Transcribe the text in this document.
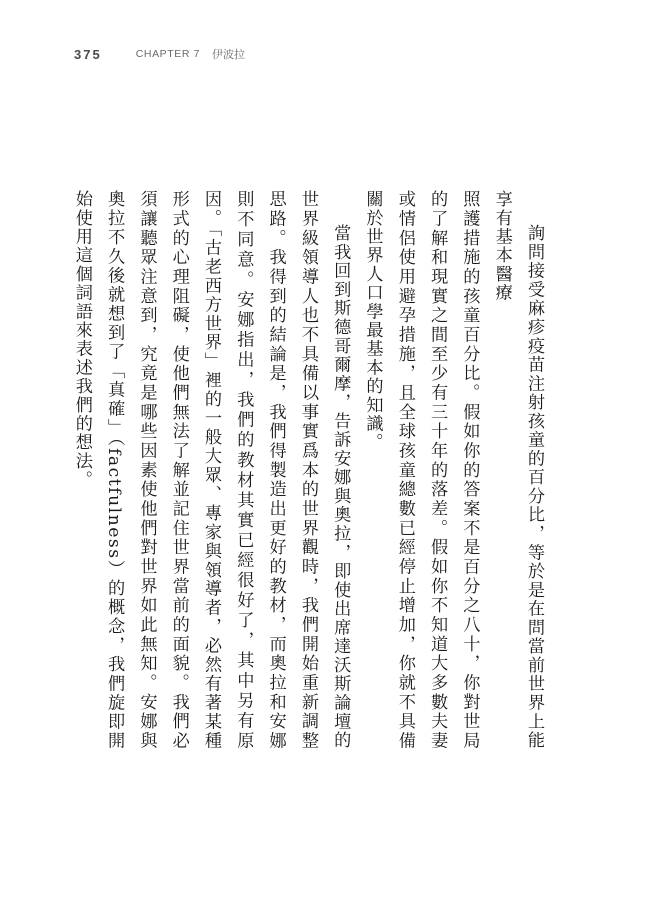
375	CHAPTER 7 伊波拉

詢問接受麻疹疫苗注射孩童的百分比，等於是在問當前世界上能享有基本醫療

照護措施的孩童百分比。假如你的答案不是百分之八十，你對世局的了解和現實之間至少有三十年的落差。假如你不知道大多數夫妻或情侶使用避孕措施，且全球孩童總數已經停止增加，你就不具備關於世界人口學最基本的知識。

當我回到斯德哥爾摩，告訴安娜與奧拉，即使出席達沃斯論壇的世界級領導人也不具備以事實爲本的世界觀時，我們開始重新調整思路。我得到的結論是，我們得製造出更好的教材，而奧拉和安娜則不同意。安娜指出，我們的教材其實已經很好了，其中另有原因。「古老西方世界」裡的一般大眾、專家與領導者，必然有著某種形式的心理阻礙，使他們無法了解並記住世界當前的面貌。我們必須讓聽眾注意到，究竟是哪些因素使他們對世界如此無知。安娜與奧拉不久後就想到了「真確」（factfulness）的概念，我們旋即開始使用這個詞語來表述我們的想法。
